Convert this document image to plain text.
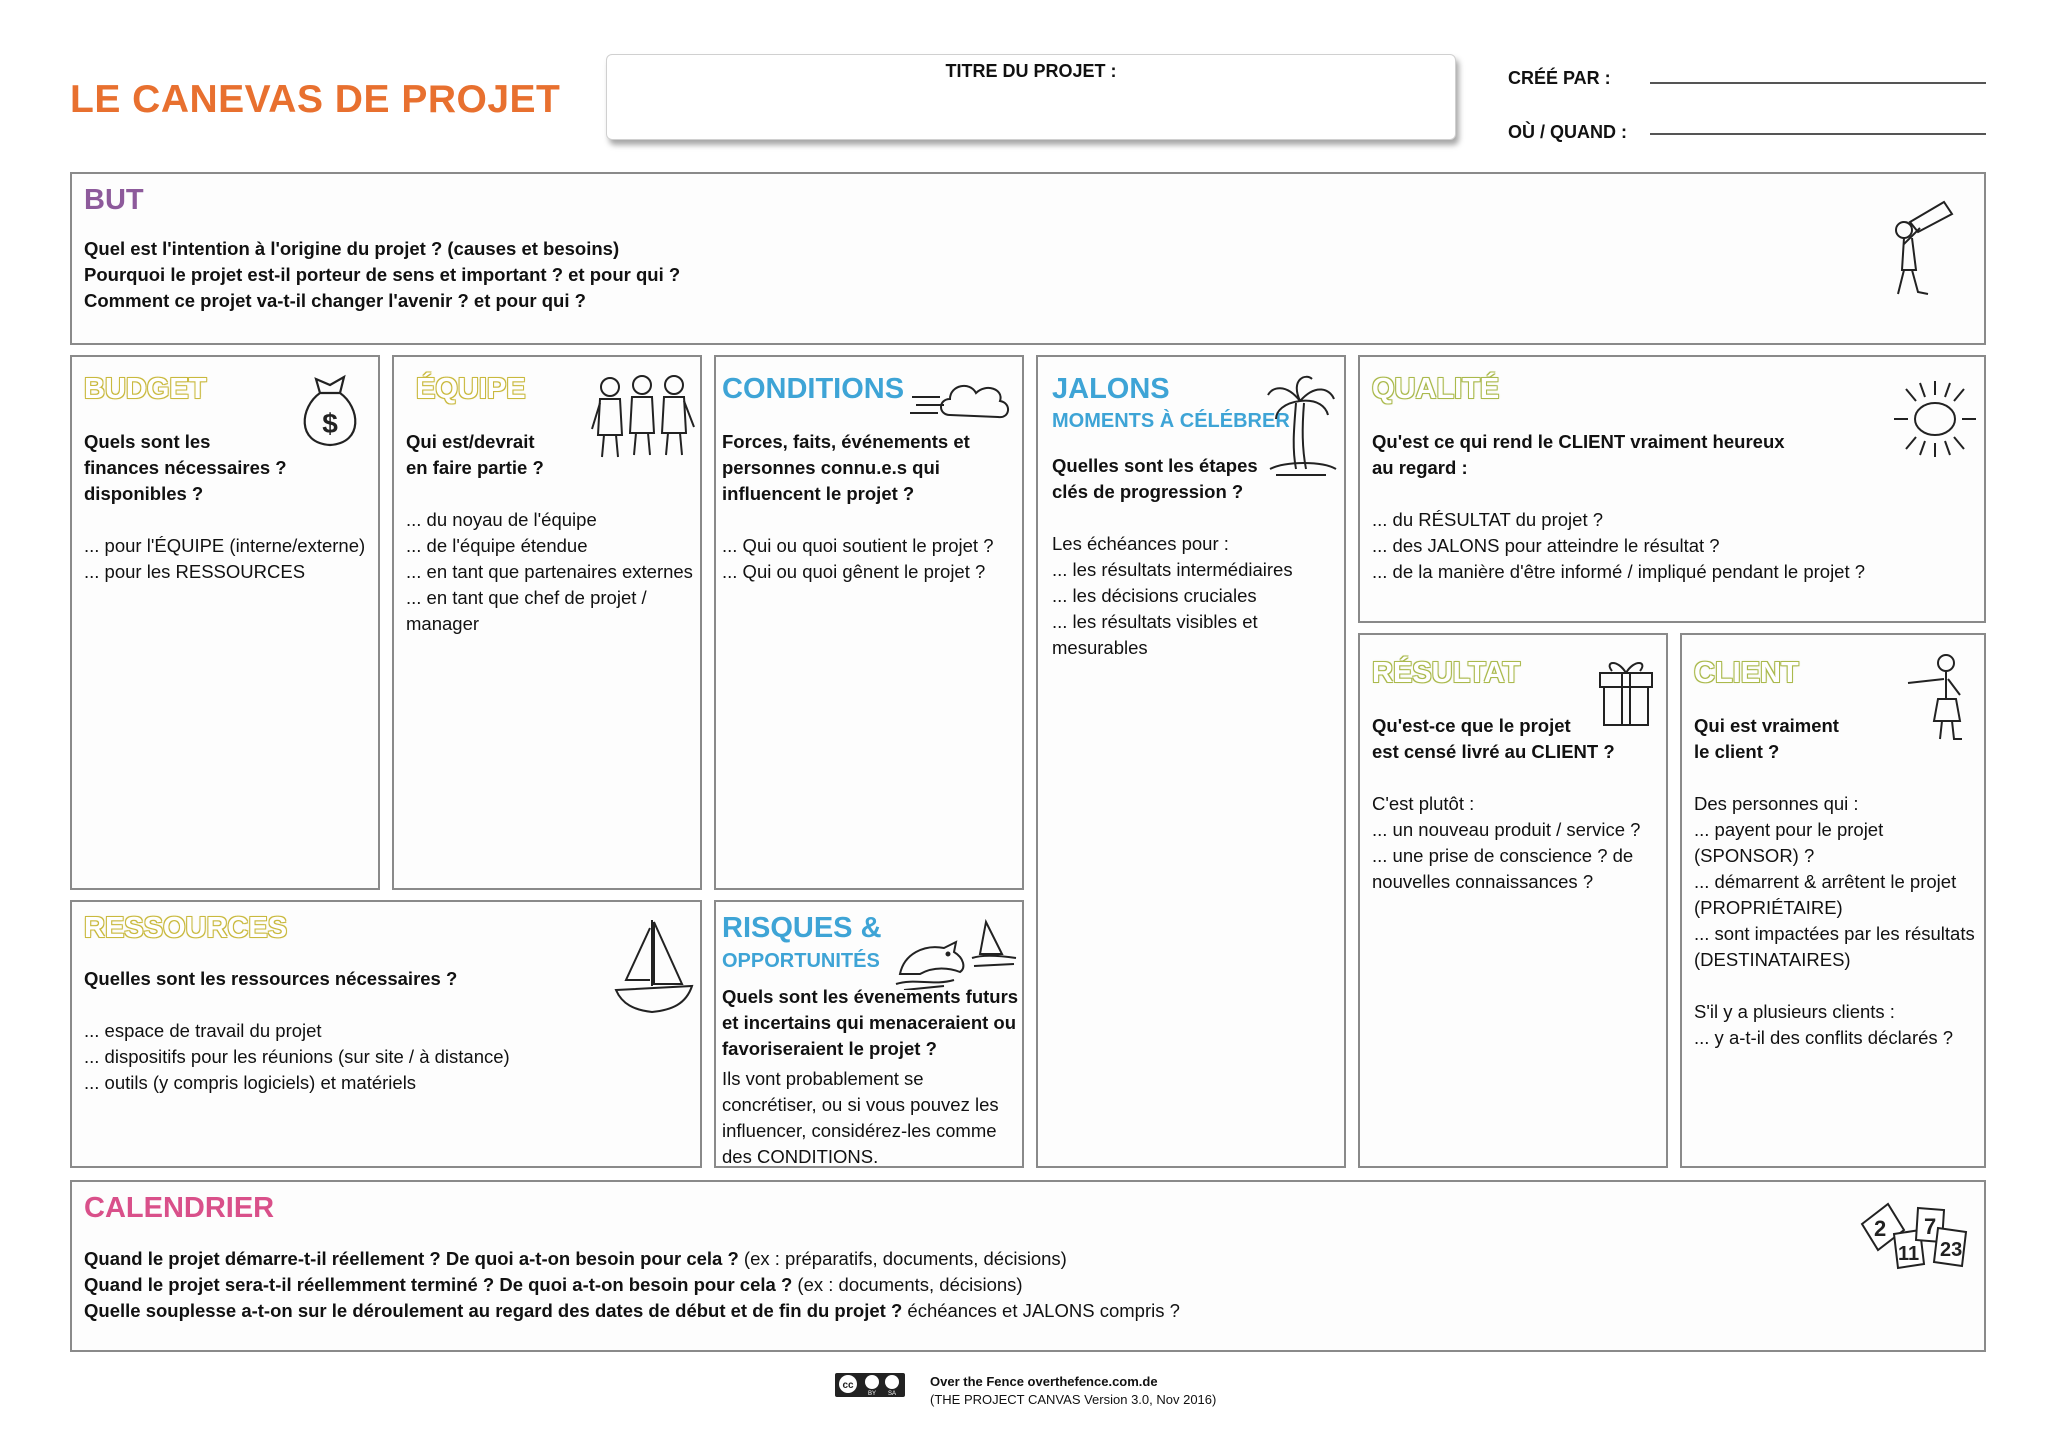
LE CANEVAS DE PROJET
TITRE DU PROJET :	CRÉÉ PAR :
OÙ / QUAND :
BUT
Quel est l'intention à l'origine du projet ? (causes et besoins)
Pourquoi le projet est-il porteur de sens et important ? et pour qui ?
Comment ce projet va-t-il changer l'avenir ? et pour qui ?
BUDGET
Quels sont les
finances nécessaires ?
disponibles ?
... pour l'ÉQUIPE (interne/externe)
... pour les RESSOURCES
$
ÉQUIPE
Qui est/devrait
en faire partie ?
... du noyau de l'équipe
... de l'équipe étendue
... en tant que partenaires externes
... en tant que chef de projet /
manager
CONDITIONS
Forces, faits, événements et
personnes connu.e.s qui
influencent le projet ?
... Qui ou quoi soutient le projet ?
... Qui ou quoi gênent le projet ?
JALONS
MOMENTS À CÉLÉBRER
Quelles sont les étapes
clés de progression ?
Les échéances pour :
... les résultats intermédiaires
... les décisions cruciales
... les résultats visibles et
mesurables
QUALITÉ
Qu'est ce qui rend le CLIENT vraiment heureux
au regard :
... du RÉSULTAT du projet ?
... des JALONS pour atteindre le résultat ?
... de la manière d'être informé / impliqué pendant le projet ?
RÉSULTAT
Qu'est-ce que le projet
est censé livré au CLIENT ?
C'est plutôt :
... un nouveau produit / service ?
... une prise de conscience ? de
nouvelles connaissances ?
CLIENT
Qui est vraiment
le client ?
Des personnes qui :
... payent pour le projet
(SPONSOR) ?
... démarrent & arrêtent le projet
(PROPRIÉTAIRE)
... sont impactées par les résultats
(DESTINATAIRES)
S'il y a plusieurs clients :
... y a-t-il des conflits déclarés ?
RESSOURCES
Quelles sont les ressources nécessaires ?
... espace de travail du projet
... dispositifs pour les réunions (sur site / à distance)
... outils (y compris logiciels) et matériels
RISQUES &
OPPORTUNITÉS
Quels sont les évenements futurs
et incertains qui menaceraient ou
favoriseraient le projet ?
Ils vont probablement se
concrétiser, ou si vous pouvez les
influencer, considérez-les comme
des CONDITIONS.
CALENDRIER
Quand le projet démarre-t-il réellement ? De quoi a-t-on besoin pour cela ? (ex : préparatifs, documents, décisions)
Quand le projet sera-t-il réellemment terminé ? De quoi a-t-on besoin pour cela ? (ex : documents, décisions)
Quelle souplesse a-t-on sur le déroulement au regard des dates de début et de fin du projet ? échéances et JALONS compris ?
2 7
11 23
cc
BY SA
Over the Fence overthefence.com.de
(THE PROJECT CANVAS Version 3.0, Nov 2016)
